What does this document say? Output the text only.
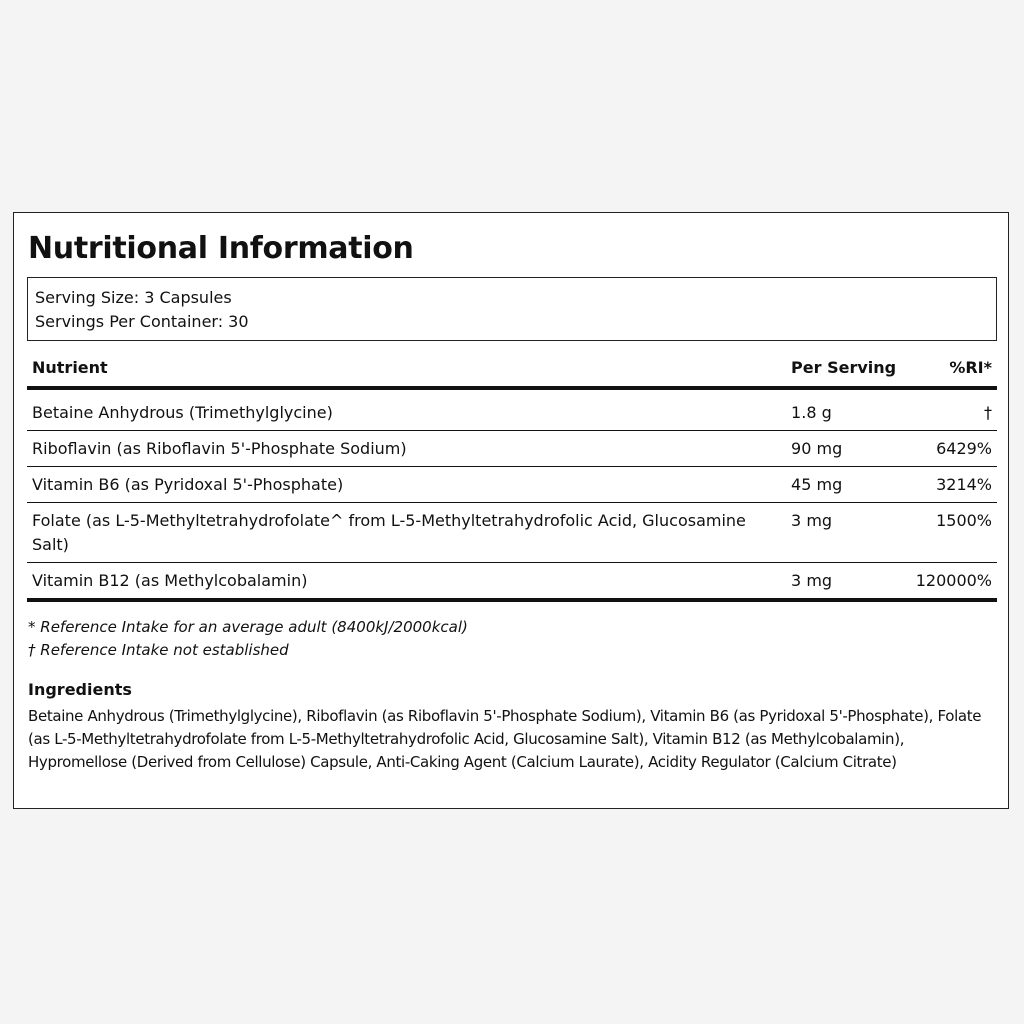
Nutritional Information
Serving Size: 3 Capsules
Servings Per Container: 30
Nutrient	Per Serving	%RI*
Betaine Anhydrous (Trimethylglycine)	1.8 g	†
Riboflavin (as Riboflavin 5'-Phosphate Sodium)	90 mg	6429%
Vitamin B6 (as Pyridoxal 5'-Phosphate)	45 mg	3214%
Folate (as L-5-Methyltetrahydrofolate^ from L-5-Methyltetrahydrofolic Acid, Glucosamine Salt)	3 mg	1500%
Vitamin B12 (as Methylcobalamin)	3 mg	120000%
* Reference Intake for an average adult (8400kJ/2000kcal)
† Reference Intake not established
Ingredients
Betaine Anhydrous (Trimethylglycine), Riboflavin (as Riboflavin 5'-Phosphate Sodium), Vitamin B6 (as Pyridoxal 5'-Phosphate), Folate (as L-5-Methyltetrahydrofolate from L-5-Methyltetrahydrofolic Acid, Glucosamine Salt), Vitamin B12 (as Methylcobalamin), Hypromellose (Derived from Cellulose) Capsule, Anti-Caking Agent (Calcium Laurate), Acidity Regulator (Calcium Citrate)
